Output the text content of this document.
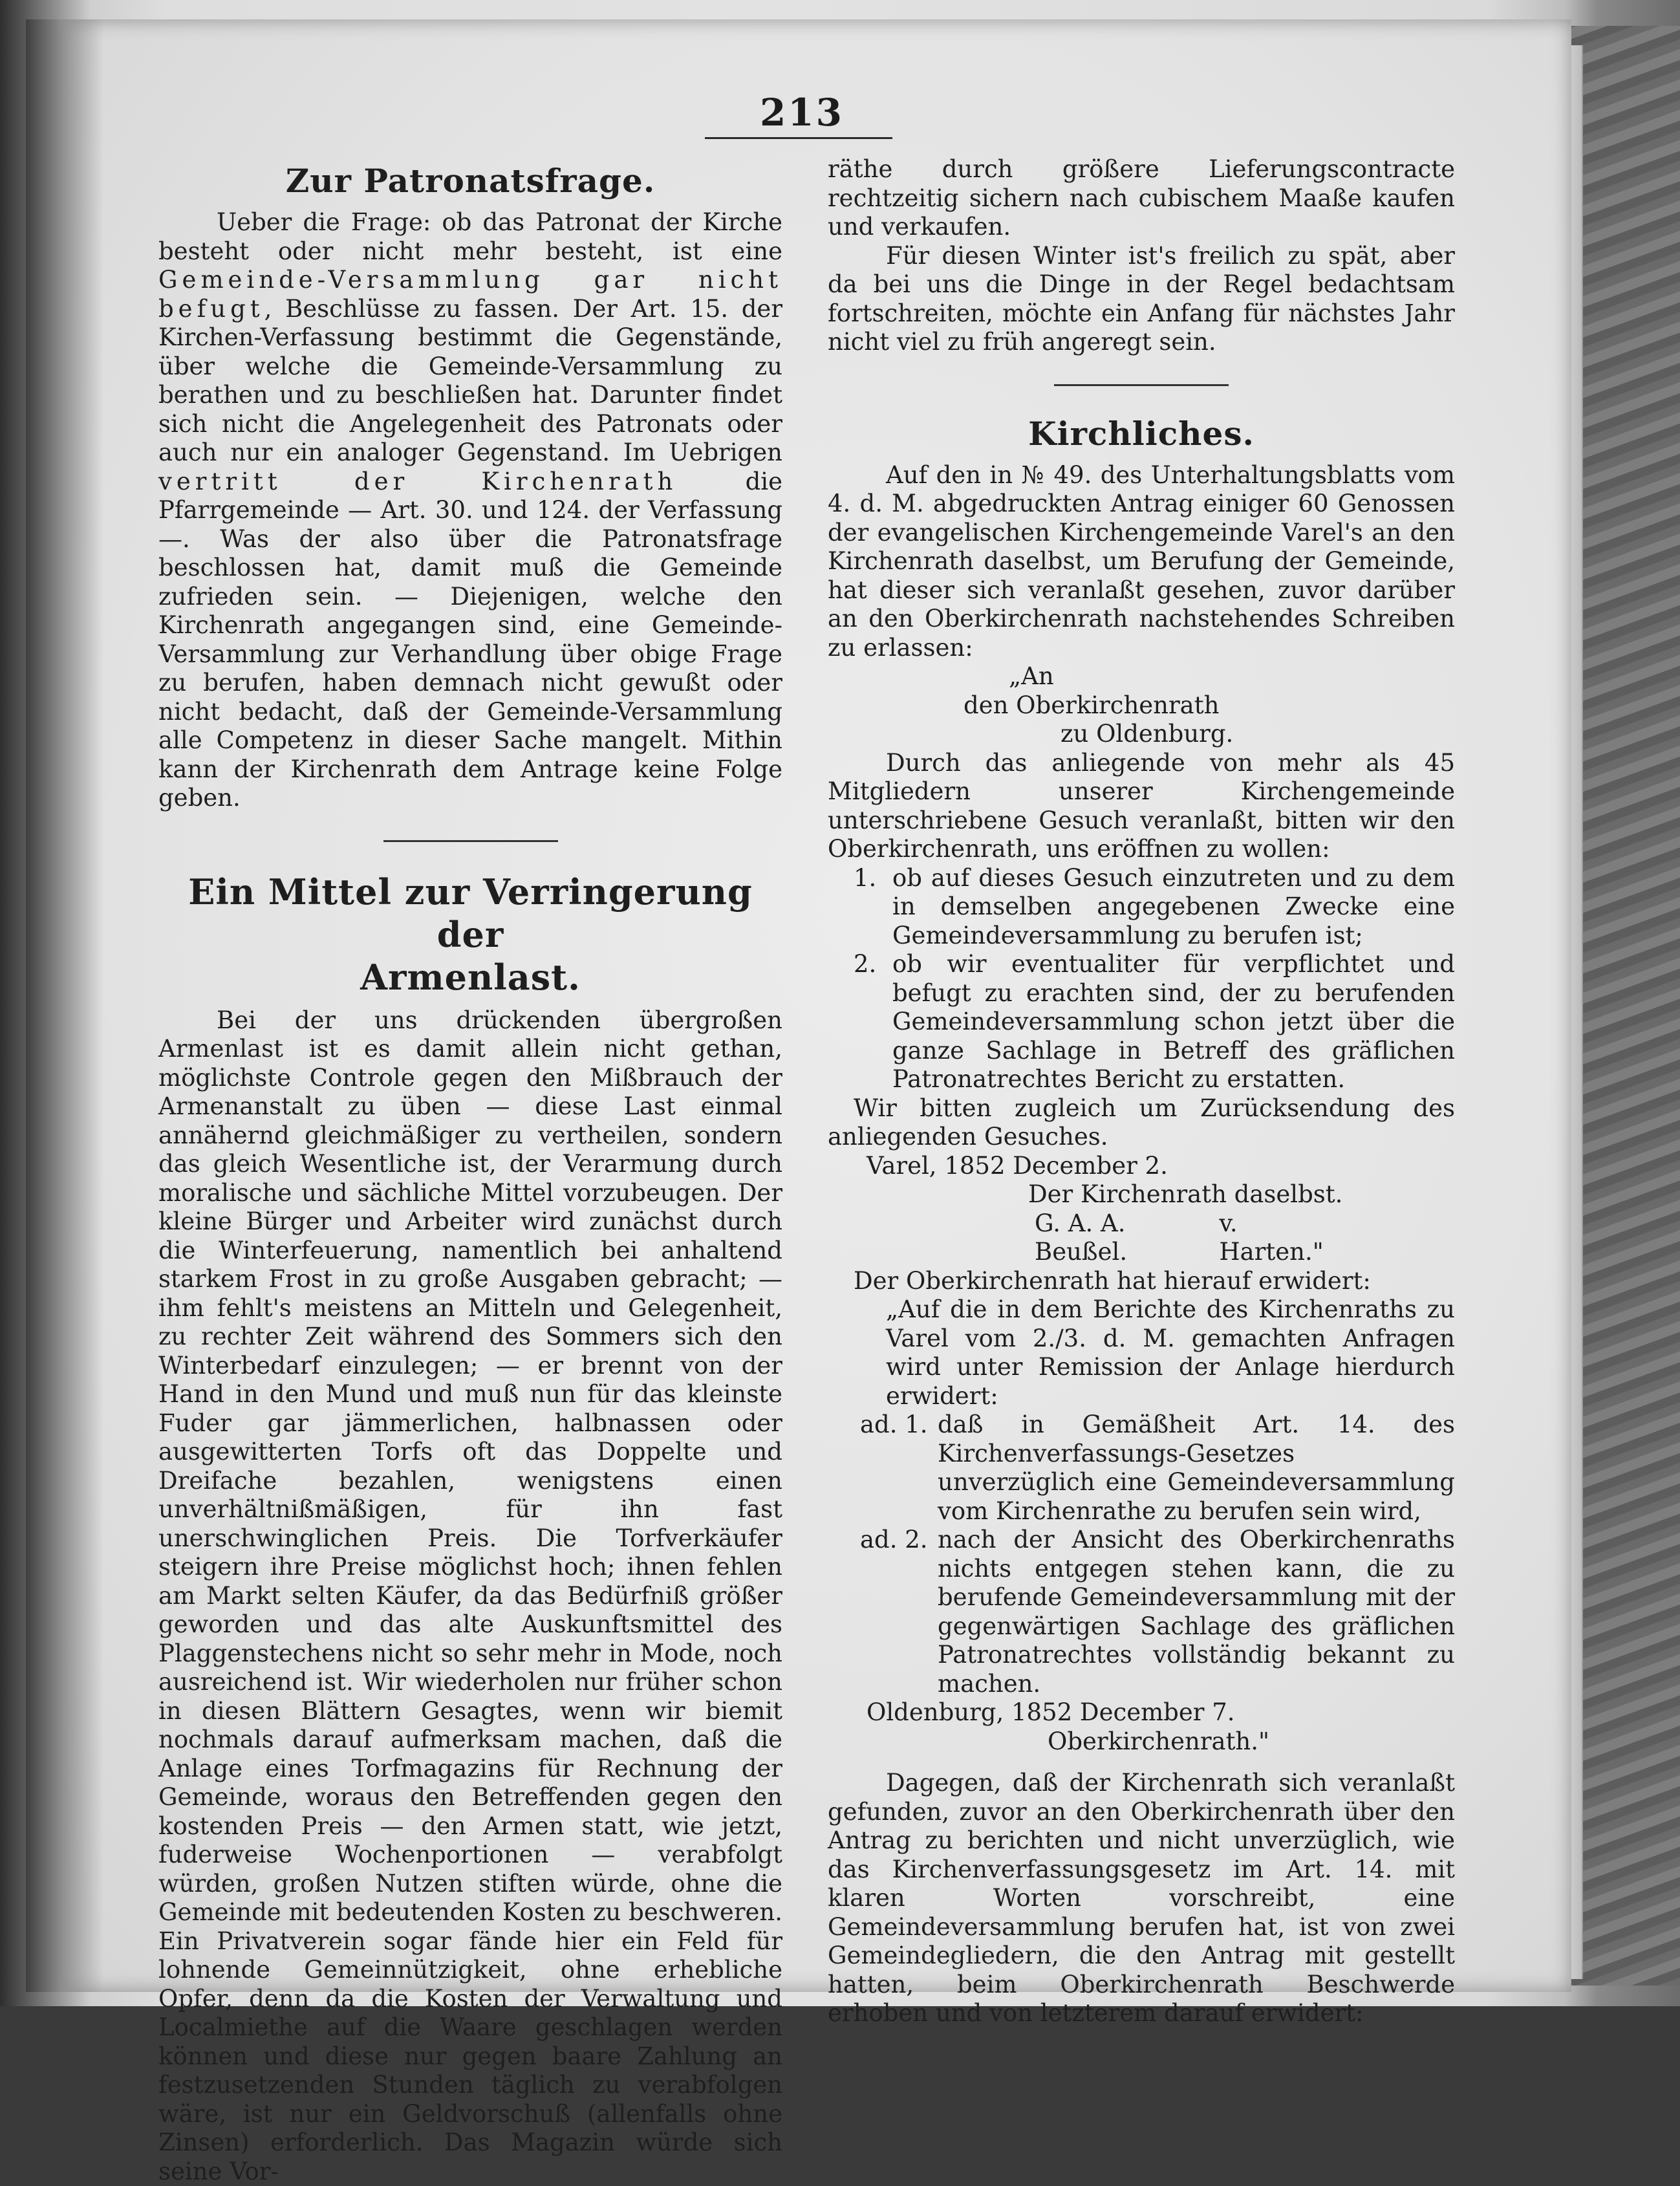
213
Zur Patronatsfrage.

Ueber die Frage: ob das Patronat der Kirche besteht oder nicht mehr besteht, ist eine Gemeinde-Versammlung gar nicht befugt, Beschlüsse zu fassen. Der Art. 15. der Kirchen-Verfassung bestimmt die Gegenstände, über welche die Gemeinde-Versammlung zu berathen und zu beschließen hat. Darunter findet sich nicht die Angelegenheit des Patronats oder auch nur ein analoger Gegenstand. Im Uebrigen vertritt der Kirchenrath die Pfarrgemeinde — Art. 30. und 124. der Verfassung —. Was der also über die Patronatsfrage beschlossen hat, damit muß die Gemeinde zufrieden sein. — Diejenigen, welche den Kirchenrath angegangen sind, eine Gemeinde-Versammlung zur Verhandlung über obige Frage zu berufen, haben demnach nicht gewußt oder nicht bedacht, daß der Gemeinde-Versammlung alle Competenz in dieser Sache mangelt. Mithin kann der Kirchenrath dem Antrage keine Folge geben.

Ein Mittel zur Verringerung der
Armenlast.

Bei der uns drückenden übergroßen Armenlast ist es damit allein nicht gethan, möglichste Controle gegen den Mißbrauch der Armenanstalt zu üben — diese Last einmal annähernd gleichmäßiger zu vertheilen, sondern das gleich Wesentliche ist, der Verarmung durch moralische und sächliche Mittel vorzubeugen. Der kleine Bürger und Arbeiter wird zunächst durch die Winterfeuerung, namentlich bei anhaltend starkem Frost in zu große Ausgaben gebracht; — ihm fehlt's meistens an Mitteln und Gelegenheit, zu rechter Zeit während des Sommers sich den Winterbedarf einzulegen; — er brennt von der Hand in den Mund und muß nun für das kleinste Fuder gar jämmerlichen, halbnassen oder ausgewitterten Torfs oft das Doppelte und Dreifache bezahlen, wenigstens einen unverhältnißmäßigen, für ihn fast unerschwinglichen Preis. Die Torfverkäufer steigern ihre Preise möglichst hoch; ihnen fehlen am Markt selten Käufer, da das Bedürfniß größer geworden und das alte Auskunftsmittel des Plaggenstechens nicht so sehr mehr in Mode, noch ausreichend ist. Wir wiederholen nur früher schon in diesen Blättern Gesagtes, wenn wir biemit nochmals darauf aufmerksam machen, daß die Anlage eines Torfmagazins für Rechnung der Gemeinde, woraus den Betreffenden gegen den kostenden Preis — den Armen statt, wie jetzt, fuderweise Wochenportionen — verabfolgt würden, großen Nutzen stiften würde, ohne die Gemeinde mit bedeutenden Kosten zu beschweren. Ein Privatverein sogar fände hier ein Feld für lohnende Gemeinnützigkeit, ohne erhebliche Opfer, denn da die Kosten der Verwaltung und Localmiethe auf die Waare geschlagen werden können und diese nur gegen baare Zahlung an festzusetzenden Stunden täglich zu verabfolgen wäre, ist nur ein Geldvorschuß (allenfalls ohne Zinsen) erforderlich. Das Magazin würde sich seine Vor-

räthe durch größere Lieferungscontracte rechtzeitig sichern nach cubischem Maaße kaufen und verkaufen.

Für diesen Winter ist's freilich zu spät, aber da bei uns die Dinge in der Regel bedachtsam fortschreiten, möchte ein Anfang für nächstes Jahr nicht viel zu früh angeregt sein.

Kirchliches.

Auf den in № 49. des Unterhaltungsblatts vom 4. d. M. abgedruckten Antrag einiger 60 Genossen der evangelischen Kirchengemeinde Varel's an den Kirchenrath daselbst, um Berufung der Gemeinde, hat dieser sich veranlaßt gesehen, zuvor darüber an den Oberkirchenrath nachstehendes Schreiben zu erlassen:

„An

den Oberkirchenrath

zu Oldenburg.

Durch das anliegende von mehr als 45 Mitgliedern unserer Kirchengemeinde unterschriebene Gesuch veranlaßt, bitten wir den Oberkirchenrath, uns eröffnen zu wollen:

1. ob auf dieses Gesuch einzutreten und zu dem in demselben angegebenen Zwecke eine Gemeindeversammlung zu berufen ist;
2. ob wir eventualiter für verpflichtet und befugt zu erachten sind, der zu berufenden Gemeindeversammlung schon jetzt über die ganze Sachlage in Betreff des gräflichen Patronatrechtes Bericht zu erstatten.

Wir bitten zugleich um Zurücksendung des anliegenden Gesuches.

Varel, 1852 December 2.

Der Kirchenrath daselbst.

G. A. A. Beußel.
v. Harten."

Der Oberkirchenrath hat hierauf erwidert:

„Auf die in dem Berichte des Kirchenraths zu Varel vom 2./3. d. M. gemachten Anfragen wird unter Remission der Anlage hierdurch erwidert:

ad. 1. daß in Gemäßheit Art. 14. des Kirchenverfassungs-Gesetzes unverzüglich eine Gemeindeversammlung vom Kirchenrathe zu berufen sein wird,
ad. 2. nach der Ansicht des Oberkirchenraths nichts entgegen stehen kann, die zu berufende Gemeindeversammlung mit der gegenwärtigen Sachlage des gräflichen Patronatrechtes vollständig bekannt zu machen.

Oldenburg, 1852 December 7.

Oberkirchenrath."

Dagegen, daß der Kirchenrath sich veranlaßt gefunden, zuvor an den Oberkirchenrath über den Antrag zu berichten und nicht unverzüglich, wie das Kirchenverfassungsgesetz im Art. 14. mit klaren Worten vorschreibt, eine Gemeindeversammlung berufen hat, ist von zwei Gemeindegliedern, die den Antrag mit gestellt hatten, beim Oberkirchenrath Beschwerde erhoben und von letzterem darauf erwidert:
